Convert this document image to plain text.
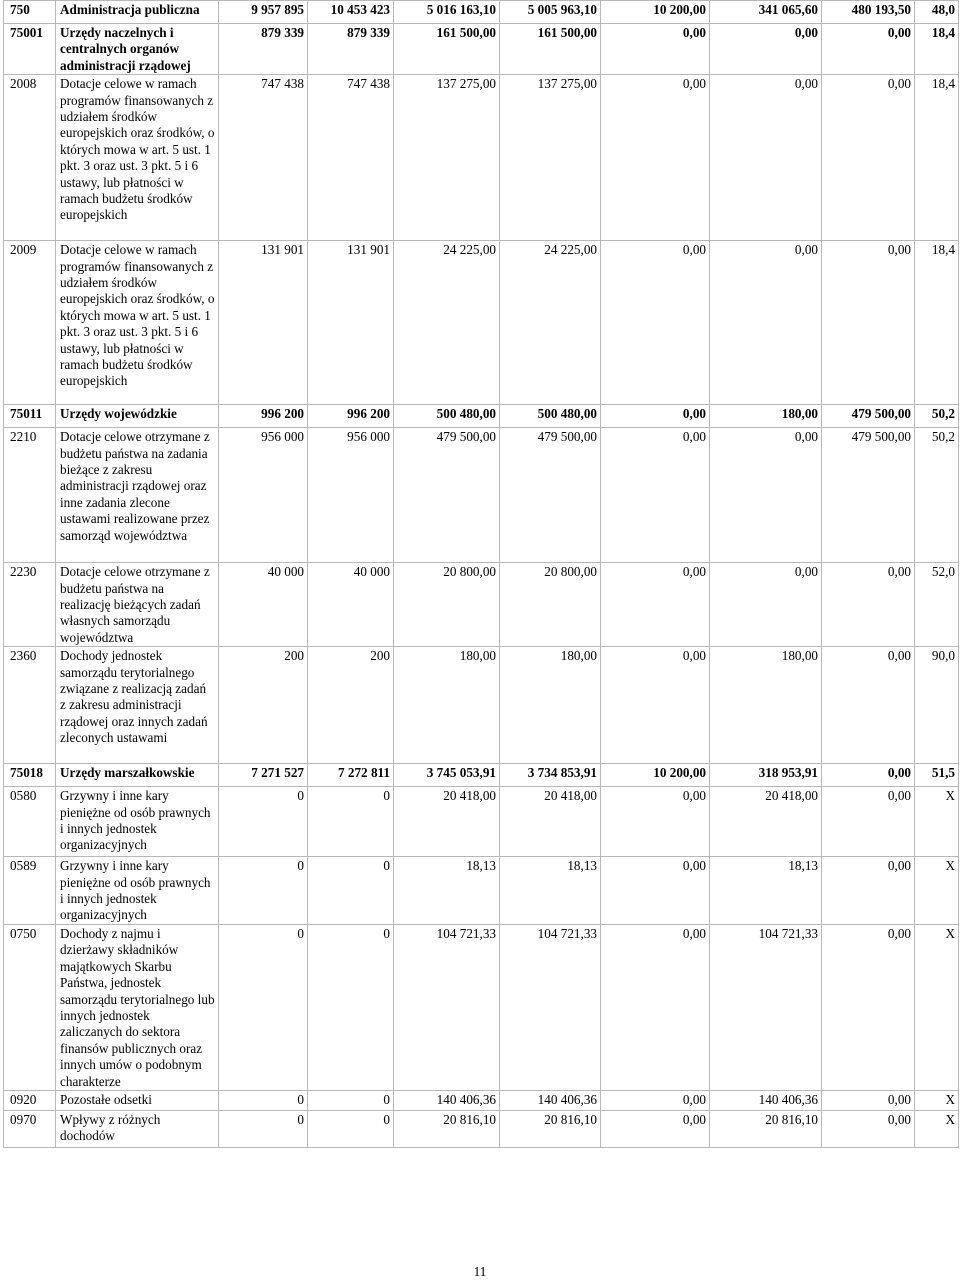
750	Administracja publiczna	9 957 895	10 453 423	5 016 163,10	5 005 963,10	10 200,00	341 065,60	480 193,50	48,0
75001	Urzędy naczelnych i centralnych organów administracji rządowej	879 339	879 339	161 500,00	161 500,00	0,00	0,00	0,00	18,4
2008	Dotacje celowe w ramach programów finansowanych z udziałem środków europejskich oraz środków, o których mowa w art. 5 ust. 1 pkt. 3 oraz ust. 3 pkt. 5 i 6 ustawy, lub płatności w ramach budżetu środków europejskich	747 438	747 438	137 275,00	137 275,00	0,00	0,00	0,00	18,4
2009	Dotacje celowe w ramach programów finansowanych z udziałem środków europejskich oraz środków, o których mowa w art. 5 ust. 1 pkt. 3 oraz ust. 3 pkt. 5 i 6 ustawy, lub płatności w ramach budżetu środków europejskich	131 901	131 901	24 225,00	24 225,00	0,00	0,00	0,00	18,4
75011	Urzędy wojewódzkie	996 200	996 200	500 480,00	500 480,00	0,00	180,00	479 500,00	50,2
2210	Dotacje celowe otrzymane z budżetu państwa na zadania bieżące z zakresu administracji rządowej oraz inne zadania zlecone ustawami realizowane przez samorząd województwa	956 000	956 000	479 500,00	479 500,00	0,00	0,00	479 500,00	50,2
2230	Dotacje celowe otrzymane z budżetu państwa na realizację bieżących zadań własnych samorządu województwa	40 000	40 000	20 800,00	20 800,00	0,00	0,00	0,00	52,0
2360	Dochody jednostek samorządu terytorialnego związane z realizacją zadań z zakresu administracji rządowej oraz innych zadań zleconych ustawami	200	200	180,00	180,00	0,00	180,00	0,00	90,0
75018	Urzędy marszałkowskie	7 271 527	7 272 811	3 745 053,91	3 734 853,91	10 200,00	318 953,91	0,00	51,5
0580	Grzywny i inne kary pieniężne od osób prawnych i innych jednostek organizacyjnych	0	0	20 418,00	20 418,00	0,00	20 418,00	0,00	X
0589	Grzywny i inne kary pieniężne od osób prawnych i innych jednostek organizacyjnych	0	0	18,13	18,13	0,00	18,13	0,00	X
0750	Dochody z najmu i dzierżawy składników majątkowych Skarbu Państwa, jednostek samorządu terytorialnego lub innych jednostek zaliczanych do sektora finansów publicznych oraz innych umów o podobnym charakterze	0	0	104 721,33	104 721,33	0,00	104 721,33	0,00	X
0920	Pozostałe odsetki	0	0	140 406,36	140 406,36	0,00	140 406,36	0,00	X
0970	Wpływy z różnych dochodów	0	0	20 816,10	20 816,10	0,00	20 816,10	0,00	X
11
